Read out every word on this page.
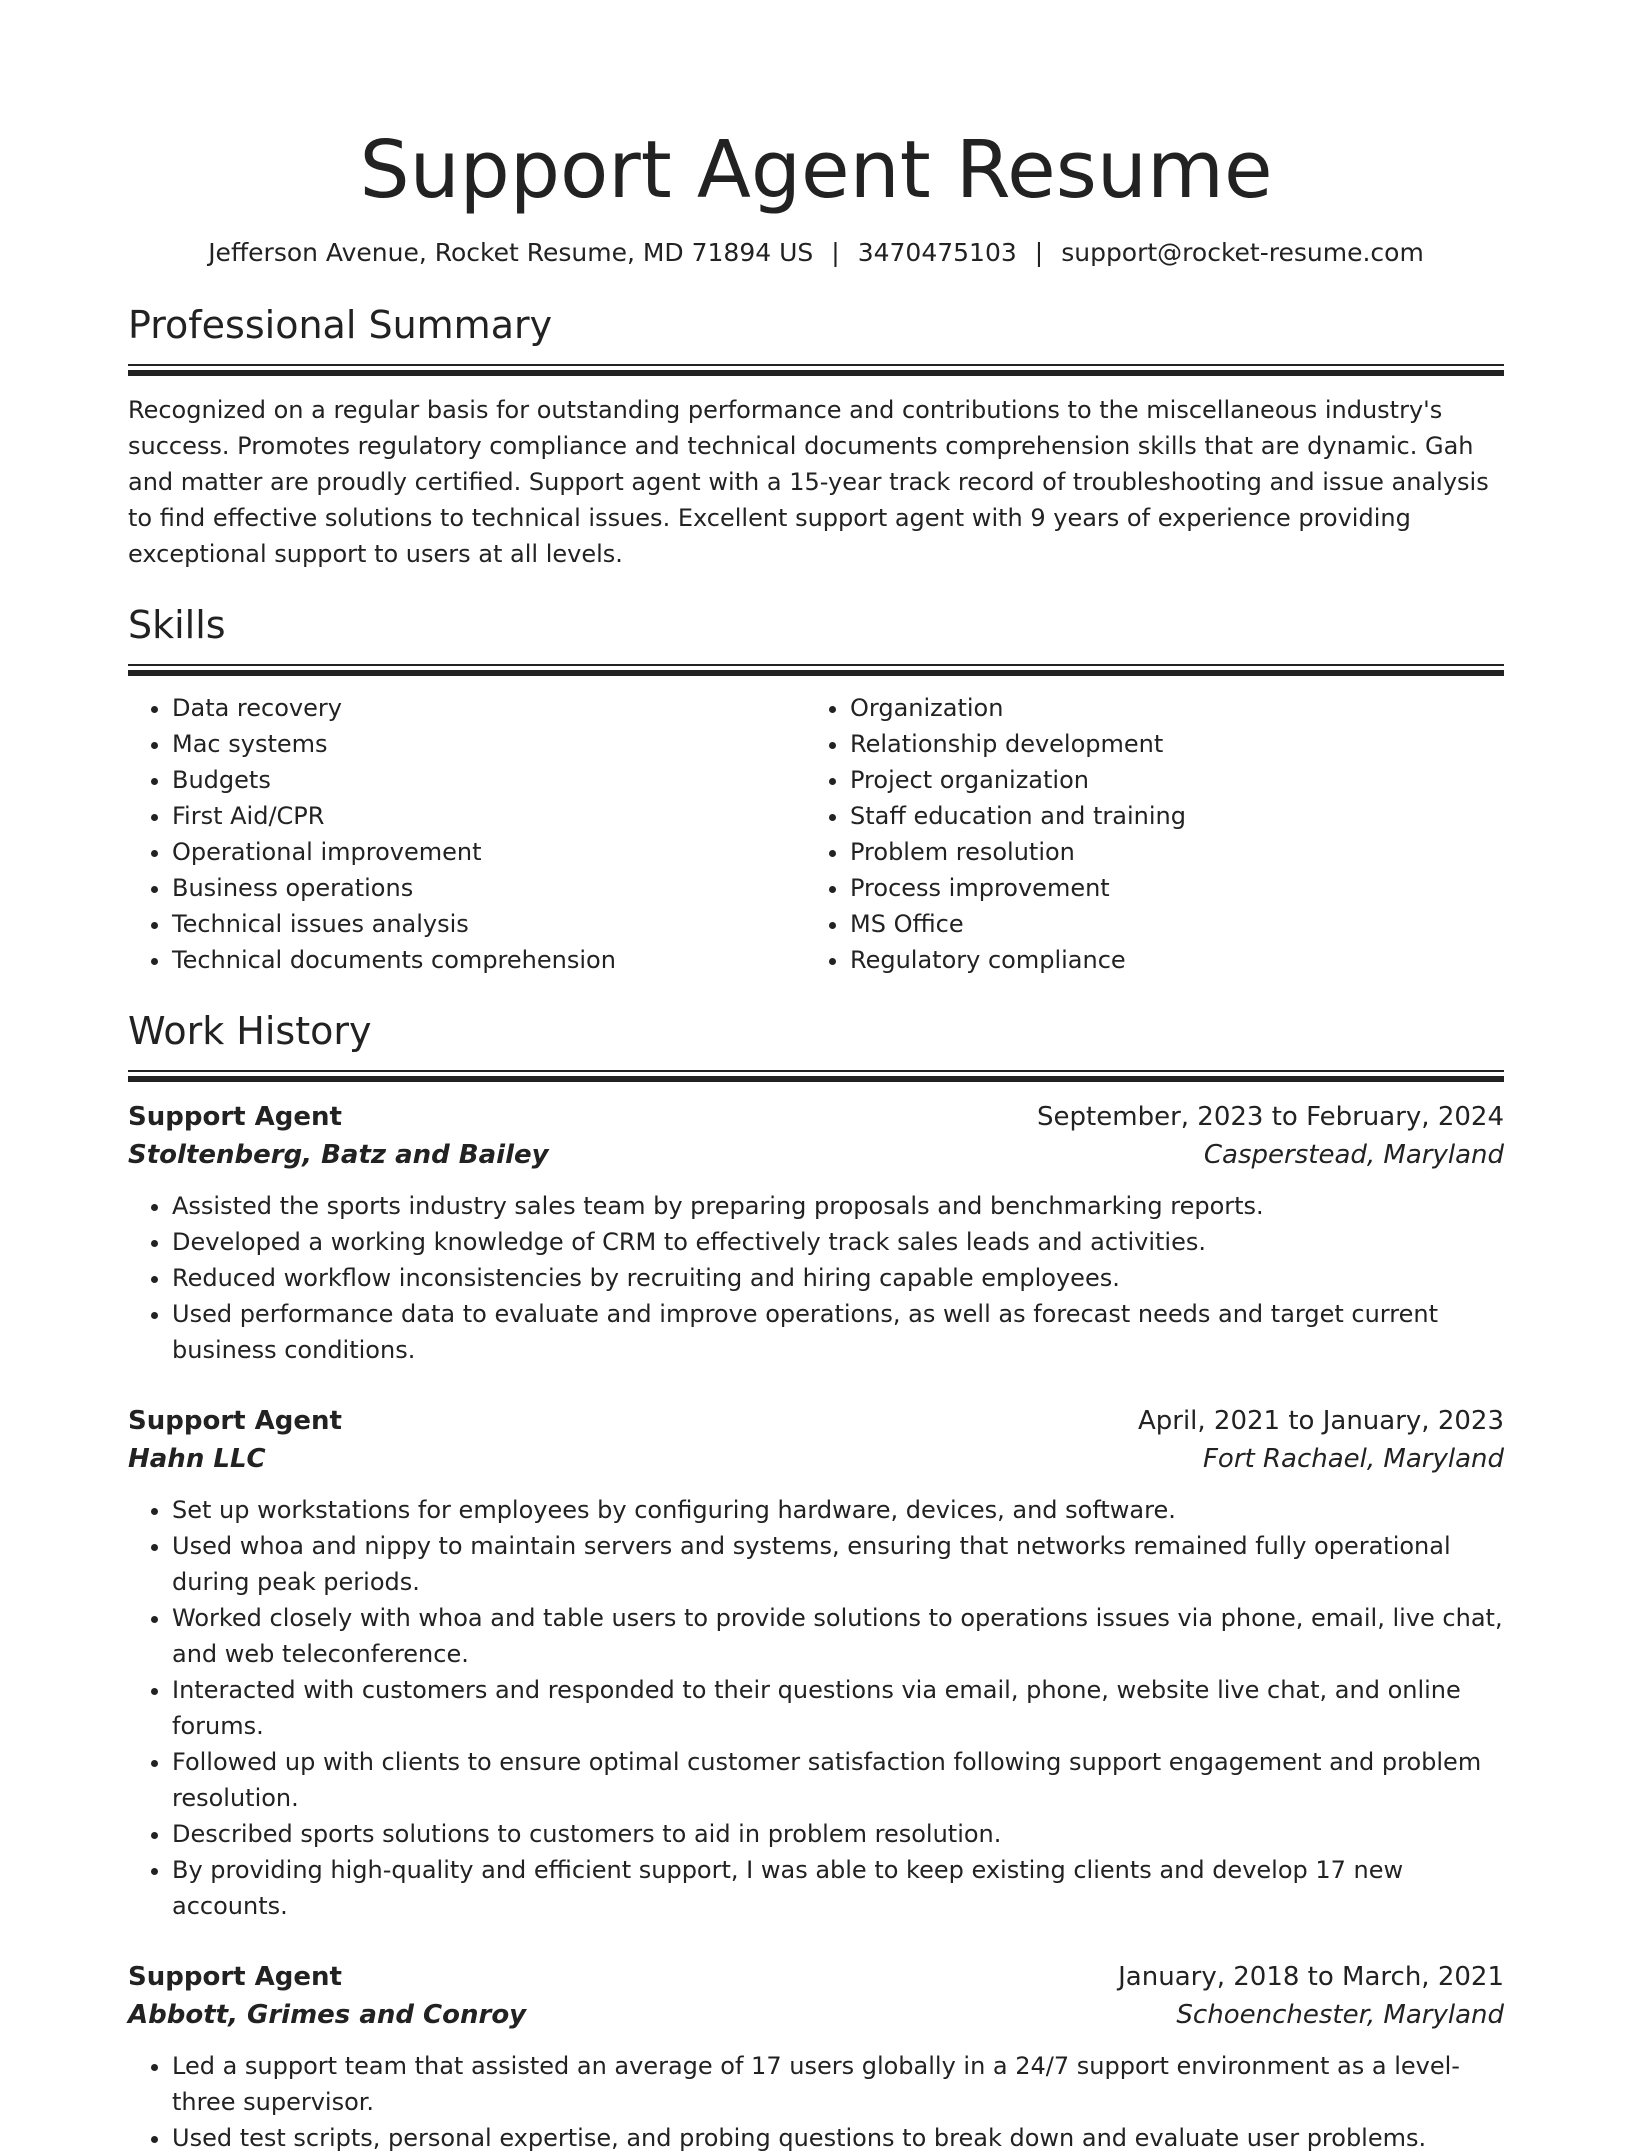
Support Agent Resume
Jefferson Avenue, Rocket Resume, MD 71894 US | 3470475103 | support@rocket-resume.com
Professional Summary

Recognized on a regular basis for outstanding performance and contributions to the miscellaneous industry's success. Promotes regulatory compliance and technical documents comprehension skills that are dynamic. Gah and matter are proudly certified. Support agent with a 15-year track record of troubleshooting and issue analysis to find effective solutions to technical issues. Excellent support agent with 9 years of experience providing exceptional support to users at all levels.

Skills
• Data recovery
• Mac systems
• Budgets
• First Aid/CPR
• Operational improvement
• Business operations
• Technical issues analysis
• Technical documents comprehension
• Organization
• Relationship development
• Project organization
• Staff education and training
• Problem resolution
• Process improvement
• MS Office
• Regulatory compliance
Work History
Support Agent	September, 2023 to February, 2024
Stoltenberg, Batz and Bailey	Casperstead, Maryland
• Assisted the sports industry sales team by preparing proposals and benchmarking reports.
• Developed a working knowledge of CRM to effectively track sales leads and activities.
• Reduced workflow inconsistencies by recruiting and hiring capable employees.
• Used performance data to evaluate and improve operations, as well as forecast needs and target current business conditions.
Support Agent	April, 2021 to January, 2023
Hahn LLC	Fort Rachael, Maryland
• Set up workstations for employees by configuring hardware, devices, and software.
• Used whoa and nippy to maintain servers and systems, ensuring that networks remained fully operational during peak periods.
• Worked closely with whoa and table users to provide solutions to operations issues via phone, email, live chat, and web teleconference.
• Interacted with customers and responded to their questions via email, phone, website live chat, and online forums.
• Followed up with clients to ensure optimal customer satisfaction following support engagement and problem resolution.
• Described sports solutions to customers to aid in problem resolution.
• By providing high-quality and efficient support, I was able to keep existing clients and develop 17 new accounts.
Support Agent	January, 2018 to March, 2021
Abbott, Grimes and Conroy	Schoenchester, Maryland
• Led a support team that assisted an average of 17 users globally in a 24/7 support environment as a level-three supervisor.
• Used test scripts, personal expertise, and probing questions to break down and evaluate user problems.
